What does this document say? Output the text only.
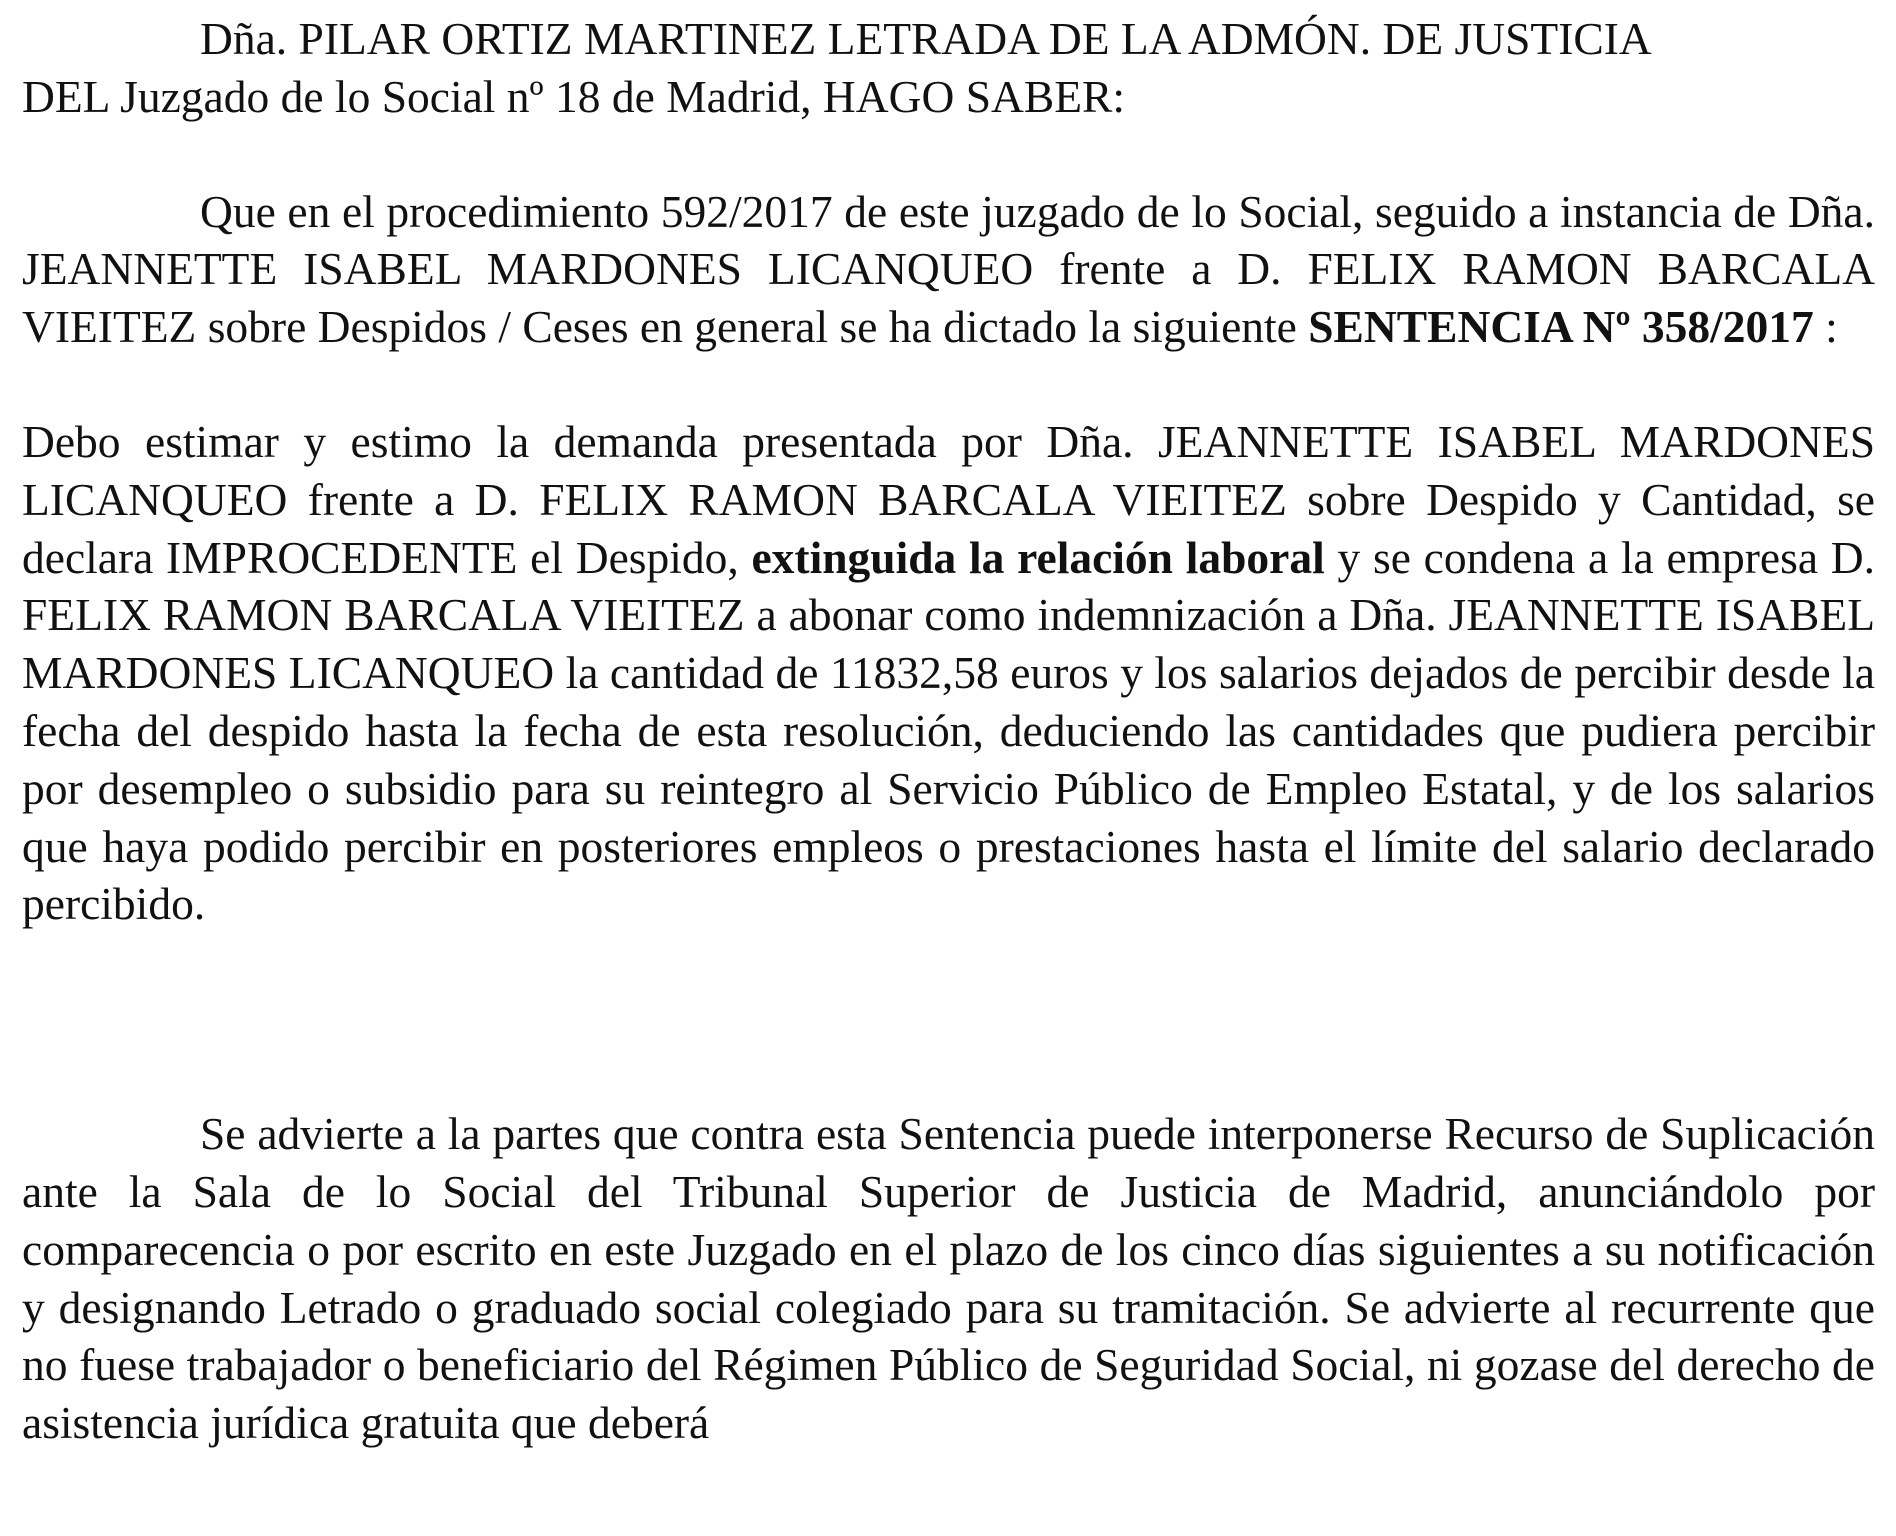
Dña. PILAR ORTIZ MARTINEZ LETRADA DE LA ADMÓN. DE JUSTICIA
DEL Juzgado de lo Social nº 18 de Madrid, HAGO SABER:

Que en el procedimiento 592/2017 de este juzgado de lo Social, seguido a instancia de Dña. JEANNETTE ISABEL MARDONES LICANQUEO frente a D. FELIX RAMON BARCALA VIEITEZ sobre Despidos / Ceses en general se ha dictado la siguiente SENTENCIA Nº 358/2017 :

Debo estimar y estimo la demanda presentada por Dña. JEANNETTE ISABEL MARDONES LICANQUEO frente a D. FELIX RAMON BARCALA VIEITEZ sobre Despido y Cantidad, se declara IMPROCEDENTE el Despido, extinguida la relación laboral y se condena a la empresa D. FELIX RAMON BARCALA VIEITEZ a abonar como indemnización a Dña. JEANNETTE ISABEL MARDONES LICANQUEO la cantidad de 11832,58 euros y los salarios dejados de percibir desde la fecha del despido hasta la fecha de esta resolución, deduciendo las cantidades que pudiera percibir por desempleo o subsidio para su reintegro al Servicio Público de Empleo Estatal, y de los salarios que haya podido percibir en posteriores empleos o prestaciones hasta el límite del salario declarado percibido.

Se advierte a la partes que contra esta Sentencia puede interponerse Recurso de Suplicación ante la Sala de lo Social del Tribunal Superior de Justicia de Madrid, anunciándolo por comparecencia o por escrito en este Juzgado en el plazo de los cinco días siguientes a su notificación y designando Letrado o graduado social colegiado para su tramitación. Se advierte al recurrente que no fuese trabajador o beneficiario del Régimen Público de Seguridad Social, ni gozase del derecho de asistencia jurídica gratuita que deberá
